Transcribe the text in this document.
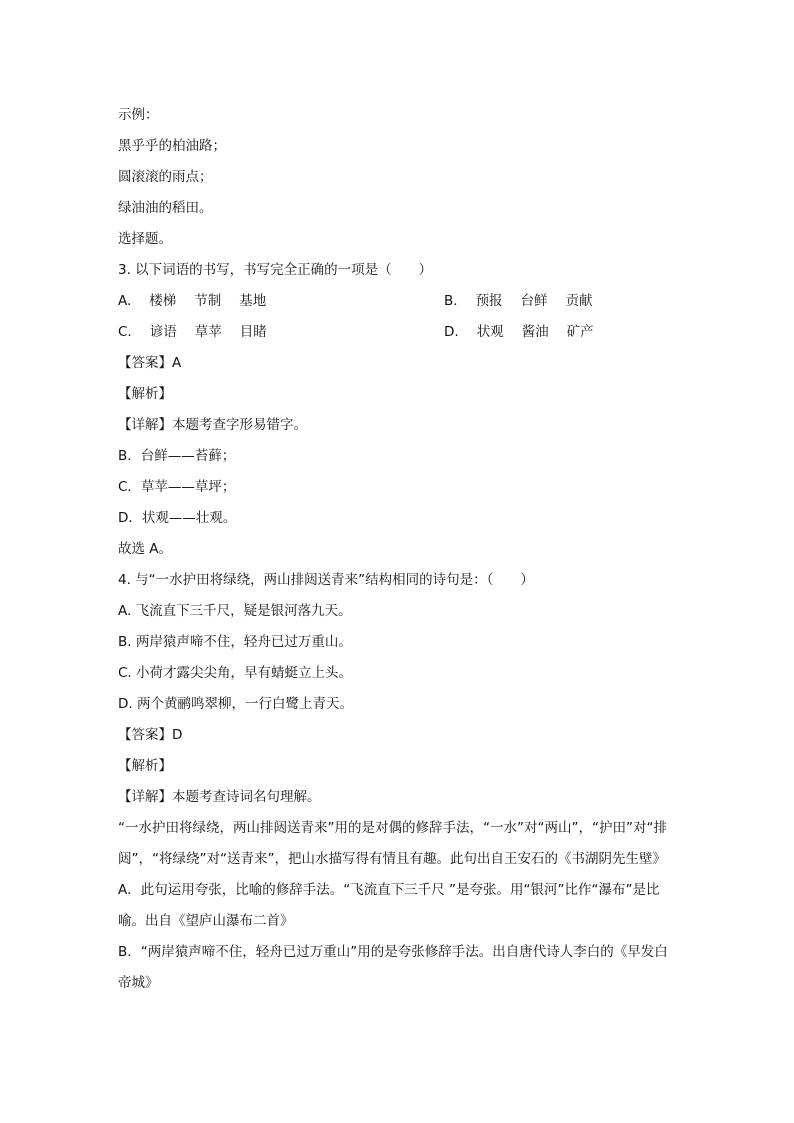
示例：
黑乎乎的柏油路；
圆滚滚的雨点；
绿油油的稻田。
选择题。
3. 以下词语的书写，书写完全正确的一项是（　　）
A. 楼梯 节制 基地	B. 预报 台鲜 贡献
C. 谚语 草苹 目睹	D. 状观 酱油 矿产
【答案】A
【解析】
【详解】本题考查字形易错字。
B．台鲜——苔藓；
C．草苹——草坪；
D．状观——壮观。
故选 A。
4. 与“一水护田将绿绕，两山排闼送青来”结构相同的诗句是：（　　）
A. 飞流直下三千尺，疑是银河落九天。
B. 两岸猿声啼不住，轻舟已过万重山。
C. 小荷才露尖尖角，早有蜻蜓立上头。
D. 两个黄鹂鸣翠柳，一行白鹭上青天。
【答案】D
【解析】
【详解】本题考查诗词名句理解。
“一水护田将绿绕，两山排闼送青来”用的是对偶的修辞手法，“一水”对“两山”，“护田”对“排闼”，“将绿绕”对“送青来”，把山水描写得有情且有趣。此句出自王安石的《书湖阴先生壁》
A．此句运用夸张，比喻的修辞手法。“飞流直下三千尺 ”是夸张。用“银河”比作“瀑布”是比喻。出自《望庐山瀑布二首》
B．“两岸猿声啼不住，轻舟已过万重山”用的是夸张修辞手法。出自唐代诗人李白的《早发白帝城》
